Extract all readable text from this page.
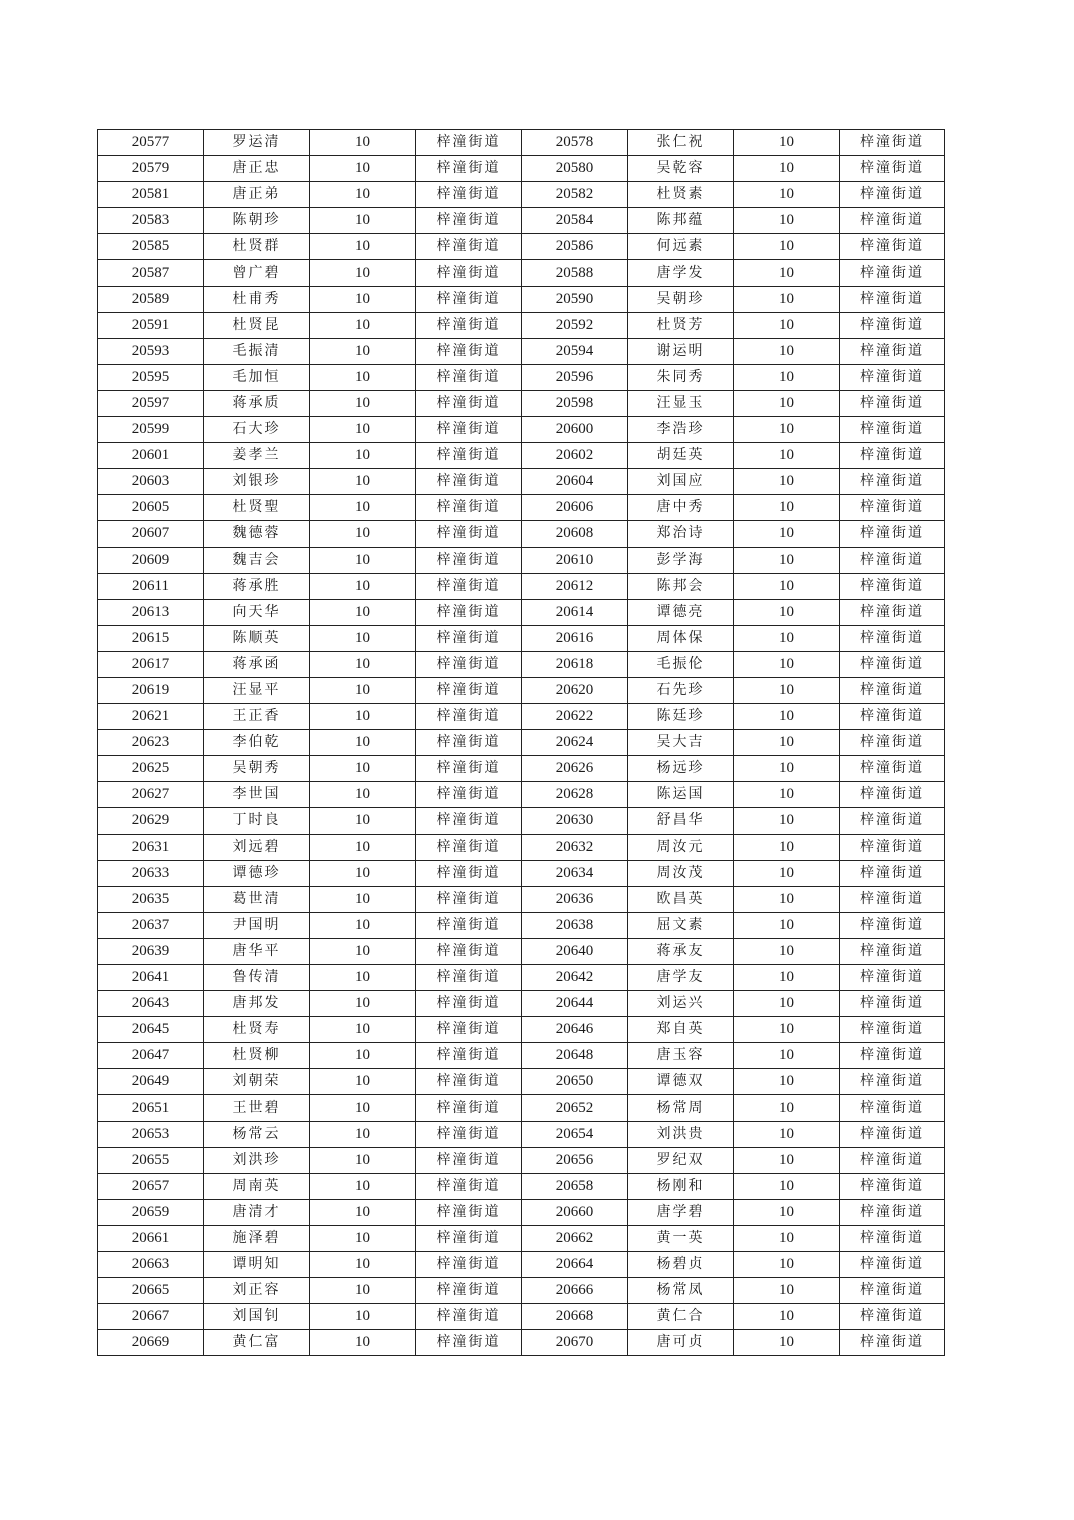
20577	罗运清	10	梓潼街道	20578	张仁祝	10	梓潼街道
20579	唐正忠	10	梓潼街道	20580	吴乾容	10	梓潼街道
20581	唐正弟	10	梓潼街道	20582	杜贤素	10	梓潼街道
20583	陈朝珍	10	梓潼街道	20584	陈邦蕴	10	梓潼街道
20585	杜贤群	10	梓潼街道	20586	何远素	10	梓潼街道
20587	曾广碧	10	梓潼街道	20588	唐学发	10	梓潼街道
20589	杜甫秀	10	梓潼街道	20590	吴朝珍	10	梓潼街道
20591	杜贤昆	10	梓潼街道	20592	杜贤芳	10	梓潼街道
20593	毛振清	10	梓潼街道	20594	谢运明	10	梓潼街道
20595	毛加恒	10	梓潼街道	20596	朱同秀	10	梓潼街道
20597	蒋承质	10	梓潼街道	20598	汪显玉	10	梓潼街道
20599	石大珍	10	梓潼街道	20600	李浩珍	10	梓潼街道
20601	姜孝兰	10	梓潼街道	20602	胡廷英	10	梓潼街道
20603	刘银珍	10	梓潼街道	20604	刘国应	10	梓潼街道
20605	杜贤聖	10	梓潼街道	20606	唐中秀	10	梓潼街道
20607	魏德蓉	10	梓潼街道	20608	郑治诗	10	梓潼街道
20609	魏吉会	10	梓潼街道	20610	彭学海	10	梓潼街道
20611	蒋承胜	10	梓潼街道	20612	陈邦会	10	梓潼街道
20613	向天华	10	梓潼街道	20614	谭德亮	10	梓潼街道
20615	陈顺英	10	梓潼街道	20616	周体保	10	梓潼街道
20617	蒋承函	10	梓潼街道	20618	毛振伦	10	梓潼街道
20619	汪显平	10	梓潼街道	20620	石先珍	10	梓潼街道
20621	王正香	10	梓潼街道	20622	陈廷珍	10	梓潼街道
20623	李伯乾	10	梓潼街道	20624	吴大吉	10	梓潼街道
20625	吴朝秀	10	梓潼街道	20626	杨远珍	10	梓潼街道
20627	李世国	10	梓潼街道	20628	陈运国	10	梓潼街道
20629	丁时良	10	梓潼街道	20630	舒昌华	10	梓潼街道
20631	刘远碧	10	梓潼街道	20632	周汝元	10	梓潼街道
20633	谭德珍	10	梓潼街道	20634	周汝茂	10	梓潼街道
20635	葛世清	10	梓潼街道	20636	欧昌英	10	梓潼街道
20637	尹国明	10	梓潼街道	20638	屈文素	10	梓潼街道
20639	唐华平	10	梓潼街道	20640	蒋承友	10	梓潼街道
20641	鲁传清	10	梓潼街道	20642	唐学友	10	梓潼街道
20643	唐邦发	10	梓潼街道	20644	刘运兴	10	梓潼街道
20645	杜贤寿	10	梓潼街道	20646	郑自英	10	梓潼街道
20647	杜贤柳	10	梓潼街道	20648	唐玉容	10	梓潼街道
20649	刘朝荣	10	梓潼街道	20650	谭德双	10	梓潼街道
20651	王世碧	10	梓潼街道	20652	杨常周	10	梓潼街道
20653	杨常云	10	梓潼街道	20654	刘洪贵	10	梓潼街道
20655	刘洪珍	10	梓潼街道	20656	罗纪双	10	梓潼街道
20657	周南英	10	梓潼街道	20658	杨刚和	10	梓潼街道
20659	唐清才	10	梓潼街道	20660	唐学碧	10	梓潼街道
20661	施泽碧	10	梓潼街道	20662	黄一英	10	梓潼街道
20663	谭明知	10	梓潼街道	20664	杨碧贞	10	梓潼街道
20665	刘正容	10	梓潼街道	20666	杨常凤	10	梓潼街道
20667	刘国钊	10	梓潼街道	20668	黄仁合	10	梓潼街道
20669	黄仁富	10	梓潼街道	20670	唐可贞	10	梓潼街道
